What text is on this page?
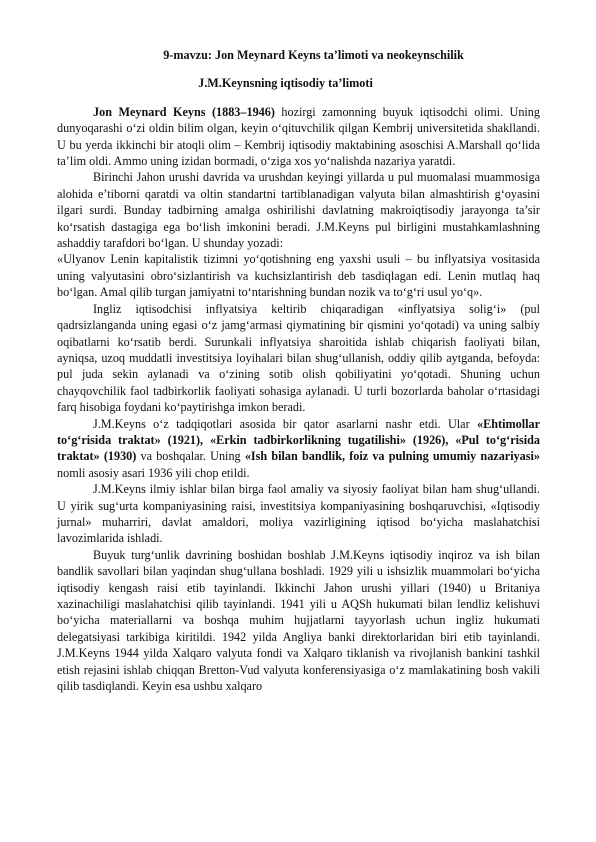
9-mavzu: Jon Meynard Keyns ta’limoti va neokeynschilik
J.M.Keynsning iqtisodiy ta’limoti

Jon Meynard Keyns (1883–1946) hozirgi zamonning buyuk iqtisodchi olimi. Uning dunyoqarashi o‘zi oldin bilim olgan, keyin o‘qituvchilik qilgan Kembrij universitetida shakllandi. U bu yerda ikkinchi bir atoqli olim – Kembrij iqtisodiy maktabining asoschisi A.Marshall qo‘lida ta’lim oldi. Ammo uning izidan bormadi, o‘ziga xos yo‘nalishda nazariya yaratdi.

Birinchi Jahon urushi davrida va urushdan keyingi yillarda u pul muomalasi muammosiga alohida e’tiborni qaratdi va oltin standartni tartiblanadigan valyuta bilan almashtirish g‘oyasini ilgari surdi. Bunday tadbirning amalga oshirilishi davlatning makroiqtisodiy jarayonga ta’sir ko‘rsatish dastagiga ega bo‘lish imkonini beradi. J.M.Keyns pul birligini mustahkamlashning ashaddiy tarafdori bo‘lgan. U shunday yozadi:

«Ulyanov Lenin kapitalistik tizimni yo‘qotishning eng yaxshi usuli – bu inflyatsiya vositasida uning valyutasini obro‘sizlantirish va kuchsizlantirish deb tasdiqlagan edi. Lenin mutlaq haq bo‘lgan. Amal qilib turgan jamiyatni to‘ntarishning bundan nozik va to‘g‘ri usul yo‘q».

Ingliz iqtisodchisi inflyatsiya keltirib chiqaradigan «inflyatsiya solig‘i» (pul qadrsizlanganda uning egasi o‘z jamg‘armasi qiymatining bir qismini yo‘qotadi) va uning salbiy oqibatlarni ko‘rsatib berdi. Surunkali inflyatsiya sharoitida ishlab chiqarish faoliyati bilan, ayniqsa, uzoq muddatli investitsiya loyihalari bilan shug‘ullanish, oddiy qilib aytganda, befoyda: pul juda sekin aylanadi va o‘zining sotib olish qobiliyatini yo‘qotadi. Shuning uchun chayqovchilik faol tadbirkorlik faoliyati sohasiga aylanadi. U turli bozorlarda baholar o‘rtasidagi farq hisobiga foydani ko‘paytirishga imkon beradi.

J.M.Keyns o‘z tadqiqotlari asosida bir qator asarlarni nashr etdi. Ular «Ehtimollar to‘g‘risida traktat» (1921), «Erkin tadbirkorlikning tugatilishi» (1926), «Pul to‘g‘risida traktat» (1930) va boshqalar. Uning «Ish bilan bandlik, foiz va pulning umumiy nazariyasi» nomli asosiy asari 1936 yili chop etildi.

J.M.Keyns ilmiy ishlar bilan birga faol amaliy va siyosiy faoliyat bilan ham shug‘ullandi. U yirik sug‘urta kompaniyasining raisi, investitsiya kompaniyasining boshqaruvchisi, «Iqtisodiy jurnal» muharriri, davlat amaldori, moliya vazirligining iqtisod bo‘yicha maslahatchisi lavozimlarida ishladi.

Buyuk turg‘unlik davrining boshidan boshlab J.M.Keyns iqtisodiy inqiroz va ish bilan bandlik savollari bilan yaqindan shug‘ullana boshladi. 1929 yili u ishsizlik muammolari bo‘yicha iqtisodiy kengash raisi etib tayinlandi. Ikkinchi Jahon urushi yillari (1940) u Britaniya xazinachiligi maslahatchisi qilib tayinlandi. 1941 yili u AQSh hukumati bilan lendliz kelishuvi bo‘yicha materiallarni va boshqa muhim hujjatlarni tayyorlash uchun ingliz hukumati delegatsiyasi tarkibiga kiritildi. 1942 yilda Angliya banki direktorlaridan biri etib tayinlandi. J.M.Keyns 1944 yilda Xalqaro valyuta fondi va Xalqaro tiklanish va rivojlanish bankini tashkil etish rejasini ishlab chiqqan Bretton-Vud valyuta konferensiyasiga o‘z mamlakatining bosh vakili qilib tasdiqlandi. Keyin esa ushbu xalqaro
